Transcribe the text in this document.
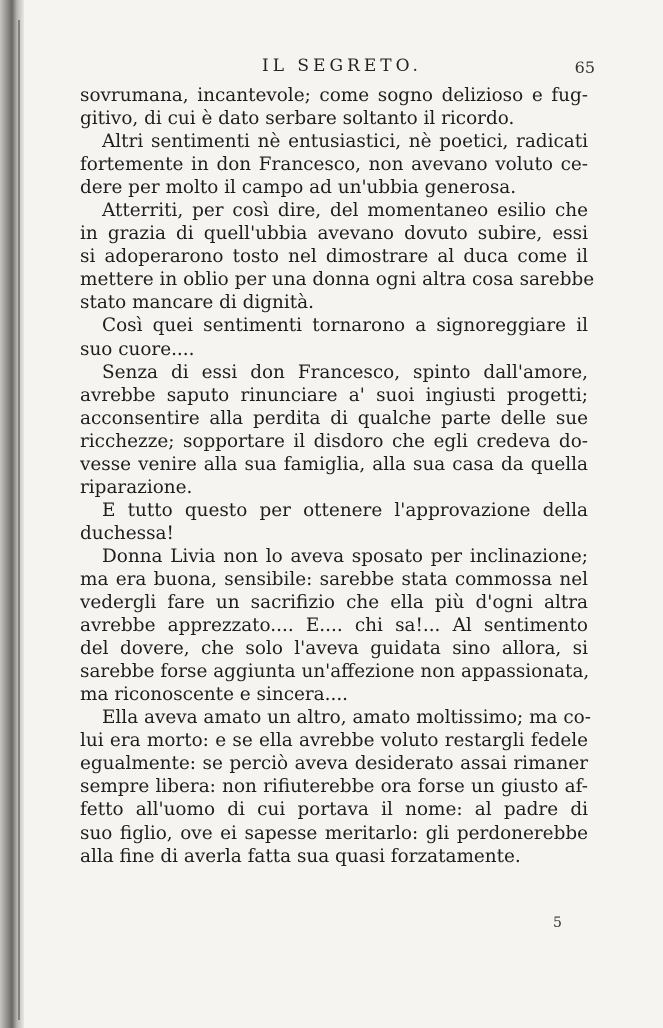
IL SEGRETO.	65
sovrumana, incantevole; come sogno delizioso e fug-
gitivo, di cui è dato serbare soltanto il ricordo.
Altri sentimenti nè entusiastici, nè poetici, radicati
fortemente in don Francesco, non avevano voluto ce-
dere per molto il campo ad un'ubbia generosa.
Atterriti, per così dire, del momentaneo esilio che
in grazia di quell'ubbia avevano dovuto subire, essi
si adoperarono tosto nel dimostrare al duca come il
mettere in oblio per una donna ogni altra cosa sarebbe
stato mancare di dignità.
Così quei sentimenti tornarono a signoreggiare il
suo cuore....
Senza di essi don Francesco, spinto dall'amore,
avrebbe saputo rinunciare a' suoi ingiusti progetti;
acconsentire alla perdita di qualche parte delle sue
ricchezze; sopportare il disdoro che egli credeva do-
vesse venire alla sua famiglia, alla sua casa da quella
riparazione.
E tutto questo per ottenere l'approvazione della
duchessa!
Donna Livia non lo aveva sposato per inclinazione;
ma era buona, sensibile: sarebbe stata commossa nel
vedergli fare un sacrifizio che ella più d'ogni altra
avrebbe apprezzato.... E.... chi sa!... Al sentimento
del dovere, che solo l'aveva guidata sino allora, si
sarebbe forse aggiunta un'affezione non appassionata,
ma riconoscente e sincera....
Ella aveva amato un altro, amato moltissimo; ma co-
lui era morto: e se ella avrebbe voluto restargli fedele
egualmente: se perciò aveva desiderato assai rimaner
sempre libera: non rifiuterebbe ora forse un giusto af-
fetto all'uomo di cui portava il nome: al padre di
suo figlio, ove ei sapesse meritarlo: gli perdonerebbe
alla fine di averla fatta sua quasi forzatamente.
5
